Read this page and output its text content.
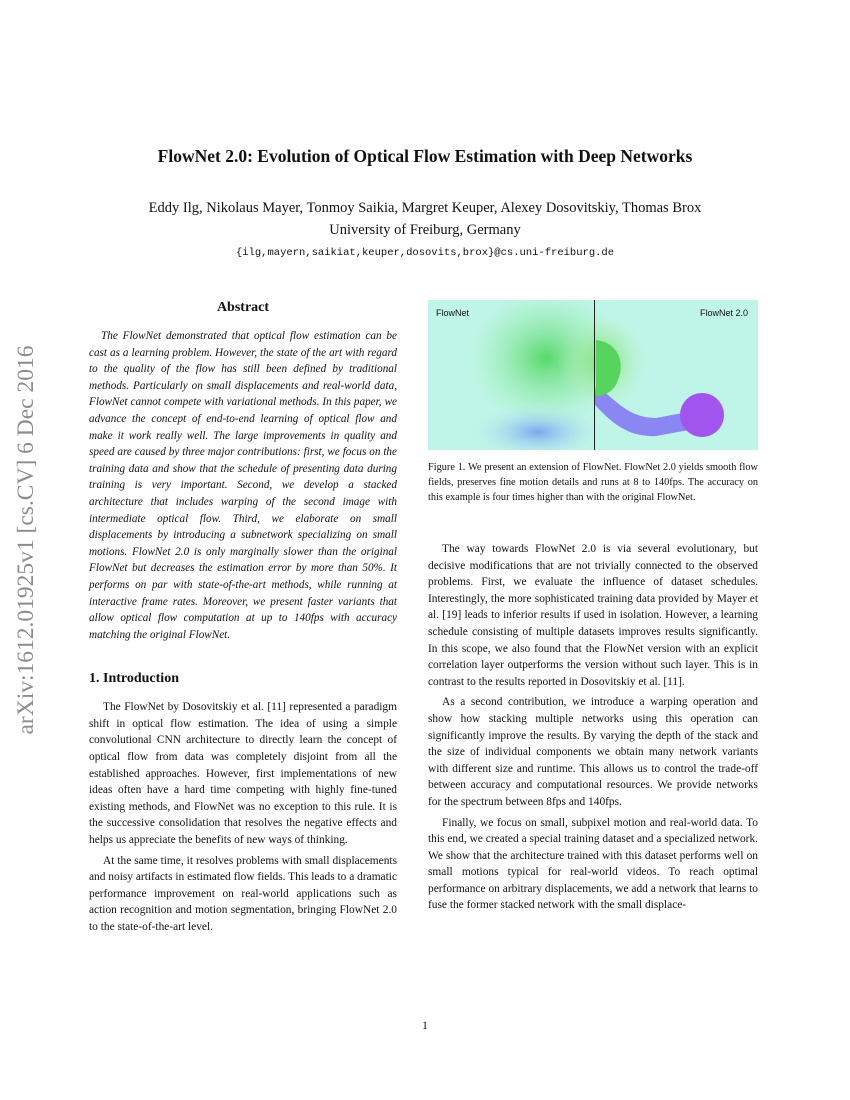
arXiv:1612.01925v1 [cs.CV] 6 Dec 2016
FlowNet 2.0: Evolution of Optical Flow Estimation with Deep Networks
Eddy Ilg, Nikolaus Mayer, Tonmoy Saikia, Margret Keuper, Alexey Dosovitskiy, Thomas Brox
University of Freiburg, Germany
{ilg,mayern,saikiat,keuper,dosovits,brox}@cs.uni-freiburg.de
Abstract

The FlowNet demonstrated that optical flow estimation can be cast as a learning problem. However, the state of the art with regard to the quality of the flow has still been defined by traditional methods. Particularly on small displacements and real-world data, FlowNet cannot compete with variational methods. In this paper, we advance the concept of end-to-end learning of optical flow and make it work really well. The large improvements in quality and speed are caused by three major contributions: first, we focus on the training data and show that the schedule of presenting data during training is very important. Second, we develop a stacked architecture that includes warping of the second image with intermediate optical flow. Third, we elaborate on small displacements by introducing a subnetwork specializing on small motions. FlowNet 2.0 is only marginally slower than the original FlowNet but decreases the estimation error by more than 50%. It performs on par with state-of-the-art methods, while running at interactive frame rates. Moreover, we present faster variants that allow optical flow computation at up to 140fps with accuracy matching the original FlowNet.

1. Introduction

The FlowNet by Dosovitskiy et al. [11] represented a paradigm shift in optical flow estimation. The idea of using a simple convolutional CNN architecture to directly learn the concept of optical flow from data was completely disjoint from all the established approaches. However, first implementations of new ideas often have a hard time competing with highly fine-tuned existing methods, and FlowNet was no exception to this rule. It is the successive consolidation that resolves the negative effects and helps us appreciate the benefits of new ways of thinking.

At the same time, it resolves problems with small displacements and noisy artifacts in estimated flow fields. This leads to a dramatic performance improvement on real-world applications such as action recognition and motion segmentation, bringing FlowNet 2.0 to the state-of-the-art level.

FlowNet	FlowNet 2.0

Figure 1. We present an extension of FlowNet. FlowNet 2.0 yields smooth flow fields, preserves fine motion details and runs at 8 to 140fps. The accuracy on this example is four times higher than with the original FlowNet.

The way towards FlowNet 2.0 is via several evolutionary, but decisive modifications that are not trivially connected to the observed problems. First, we evaluate the influence of dataset schedules. Interestingly, the more sophisticated training data provided by Mayer et al. [19] leads to inferior results if used in isolation. However, a learning schedule consisting of multiple datasets improves results significantly. In this scope, we also found that the FlowNet version with an explicit correlation layer outperforms the version without such layer. This is in contrast to the results reported in Dosovitskiy et al. [11].

As a second contribution, we introduce a warping operation and show how stacking multiple networks using this operation can significantly improve the results. By varying the depth of the stack and the size of individual components we obtain many network variants with different size and runtime. This allows us to control the trade-off between accuracy and computational resources. We provide networks for the spectrum between 8fps and 140fps.

Finally, we focus on small, subpixel motion and real-world data. To this end, we created a special training dataset and a specialized network. We show that the architecture trained with this dataset performs well on small motions typical for real-world videos. To reach optimal performance on arbitrary displacements, we add a network that learns to fuse the former stacked network with the small displace-

1
